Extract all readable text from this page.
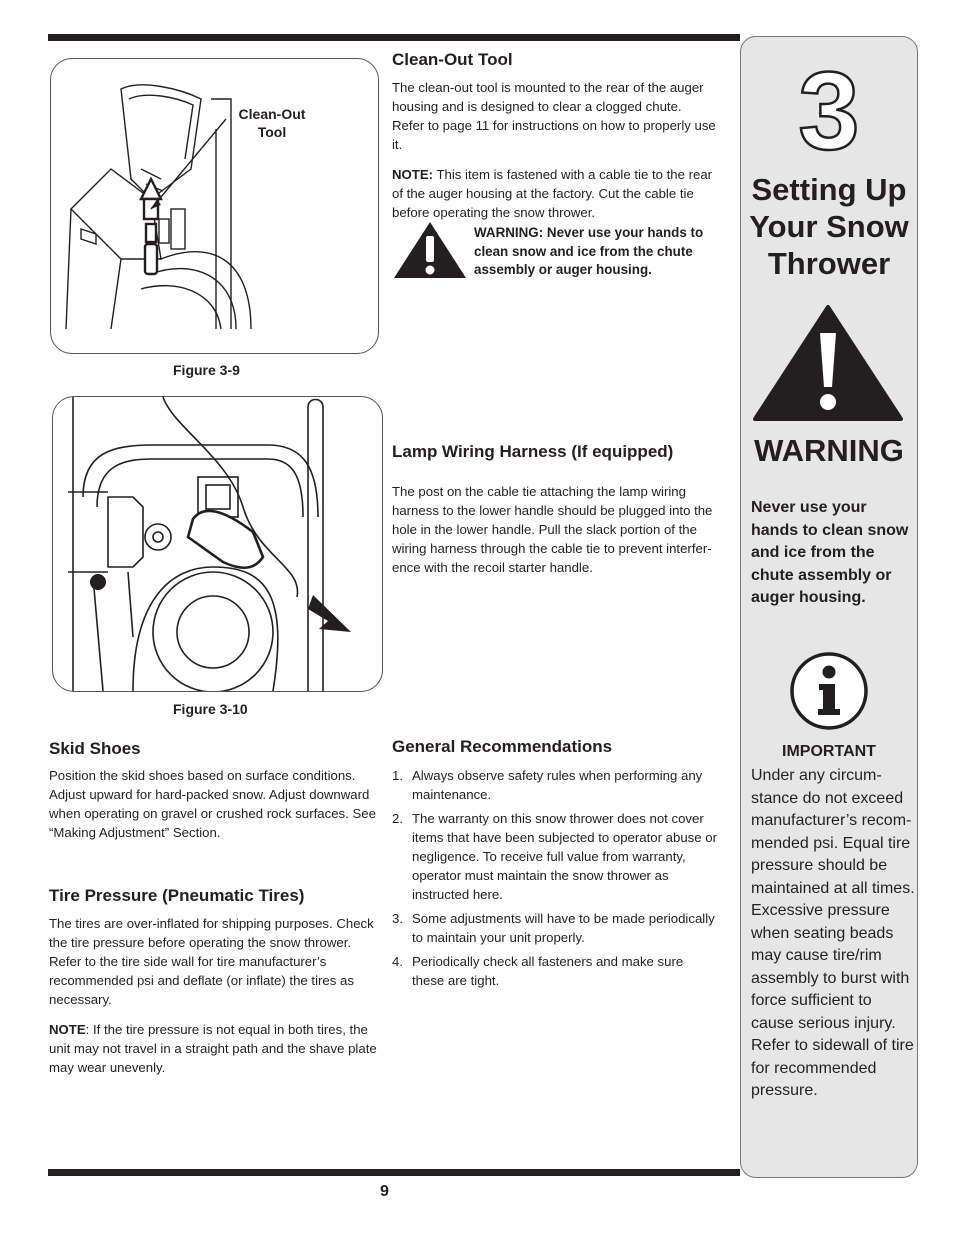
Clean-Out
Tool
Figure 3-9
Clean-Out Tool

The clean-out tool is mounted to the rear of the auger housing and is designed to clear a clogged chute. Refer to page 11 for instructions on how to properly use it.

NOTE: This item is fastened with a cable tie to the rear of the auger housing at the factory. Cut the cable tie before operating the snow thrower.

WARNING: Never use your hands to clean snow and ice from the chute assembly or auger housing.
Figure 3-10
Lamp Wiring Harness (If equipped)

The post on the cable tie attaching the lamp wiring harness to the lower handle should be plugged into the hole in the lower handle. Pull the slack portion of the wiring harness through the cable tie to prevent interfer-ence with the recoil starter handle.

Skid Shoes

Position the skid shoes based on surface conditions. Adjust upward for hard-packed snow. Adjust downward when operating on gravel or crushed rock surfaces. See “Making Adjustment” Section.

Tire Pressure (Pneumatic Tires)

The tires are over-inflated for shipping purposes. Check the tire pressure before operating the snow thrower. Refer to the tire side wall for tire manufacturer’s recommended psi and deflate (or inflate) the tires as necessary.

NOTE: If the tire pressure is not equal in both tires, the unit may not travel in a straight path and the shave plate may wear unevenly.

General Recommendations
1. Always observe safety rules when performing any maintenance.
2. The warranty on this snow thrower does not cover items that have been subjected to operator abuse or negligence. To receive full value from warranty, operator must maintain the snow thrower as instructed here.
3. Some adjustments will have to be made periodically to maintain your unit properly.
4. Periodically check all fasteners and make sure these are tight.
3
Setting Up Your Snow Thrower
WARNING
Never use your hands to clean snow and ice from the chute assembly or auger housing.
IMPORTANT
Under any circum-stance do not exceed manufacturer’s recom-mended psi. Equal tire pressure should be maintained at all times. Excessive pressure when seating beads may cause tire/rim assembly to burst with force sufficient to cause serious injury. Refer to sidewall of tire for recommended pressure.
9
